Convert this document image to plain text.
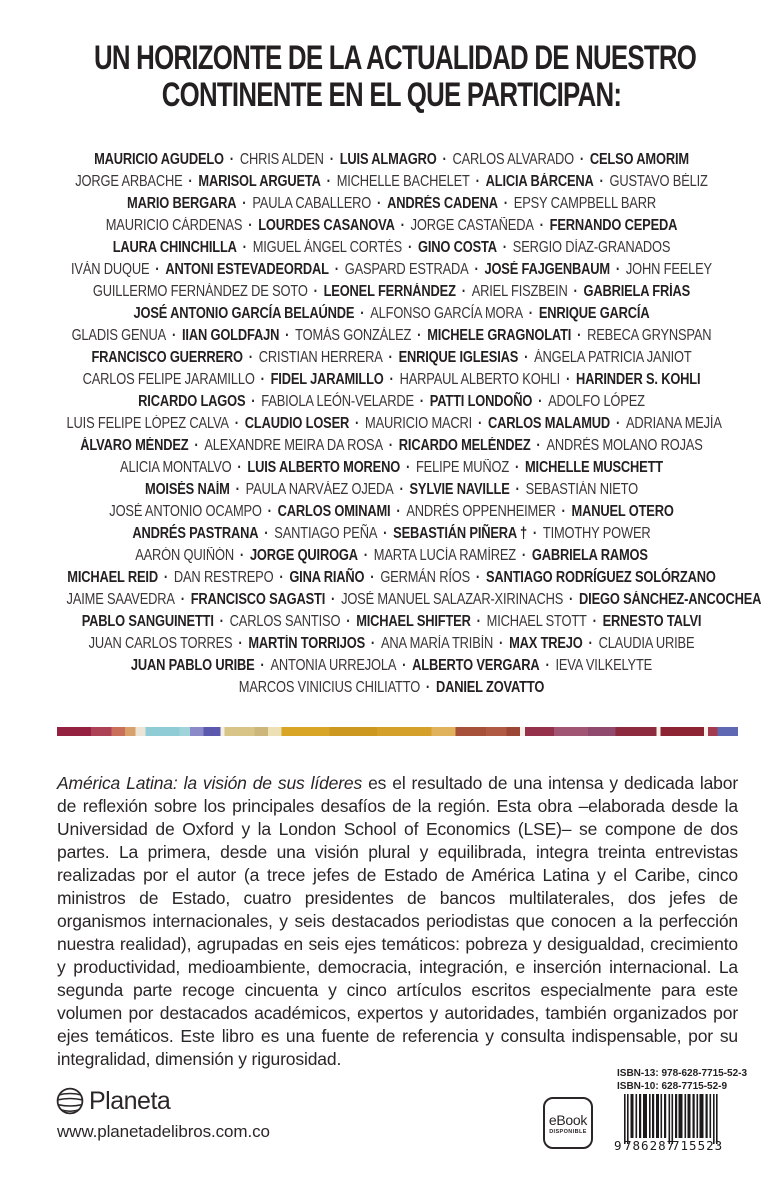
UN HORIZONTE DE LA ACTUALIDAD DE NUESTRO
CONTINENTE EN EL QUE PARTICIPAN:
MAURICIO AGUDELO · CHRIS ALDEN · LUIS ALMAGRO · CARLOS ALVARADO · CELSO AMORIM
JORGE ARBACHE · MARISOL ARGUETA · MICHELLE BACHELET · ALICIA BÁRCENA · GUSTAVO BÉLIZ
MARIO BERGARA · PAULA CABALLERO · ANDRÉS CADENA · EPSY CAMPBELL BARR
MAURICIO CÁRDENAS · LOURDES CASANOVA · JORGE CASTAÑEDA · FERNANDO CEPEDA
LAURA CHINCHILLA · MIGUEL ÁNGEL CORTÉS · GINO COSTA · SERGIO DÍAZ-GRANADOS
IVÁN DUQUE · ANTONI ESTEVADEORDAL · GASPARD ESTRADA · JOSÉ FAJGENBAUM · JOHN FEELEY
GUILLERMO FERNÁNDEZ DE SOTO · LEONEL FERNÁNDEZ · ARIEL FISZBEIN · GABRIELA FRÍAS
JOSÉ ANTONIO GARCÍA BELAÚNDE · ALFONSO GARCÍA MORA · ENRIQUE GARCÍA
GLADIS GENUA · IIAN GOLDFAJN · TOMÁS GONZÁLEZ · MICHELE GRAGNOLATI · REBECA GRYNSPAN
FRANCISCO GUERRERO · CRISTIAN HERRERA · ENRIQUE IGLESIAS · ÁNGELA PATRICIA JANIOT
CARLOS FELIPE JARAMILLO · FIDEL JARAMILLO · HARPAUL ALBERTO KOHLI · HARINDER S. KOHLI
RICARDO LAGOS · FABIOLA LEÓN-VELARDE · PATTI LONDOÑO · ADOLFO LÓPEZ
LUIS FELIPE LÓPEZ CALVA · CLAUDIO LOSER · MAURICIO MACRI · CARLOS MALAMUD · ADRIANA MEJÍA
ÁLVARO MÉNDEZ · ALEXANDRE MEIRA DA ROSA · RICARDO MELÉNDEZ · ANDRÉS MOLANO ROJAS
ALICIA MONTALVO · LUIS ALBERTO MORENO · FELIPE MUÑOZ · MICHELLE MUSCHETT
MOISÉS NAÍM · PAULA NARVÁEZ OJEDA · SYLVIE NAVILLE · SEBASTIÁN NIETO
JOSÉ ANTONIO OCAMPO · CARLOS OMINAMI · ANDRÉS OPPENHEIMER · MANUEL OTERO
ANDRÉS PASTRANA · SANTIAGO PEÑA · SEBASTIÁN PIÑERA † · TIMOTHY POWER
AARÓN QUIÑÓN · JORGE QUIROGA · MARTA LUCÍA RAMÍREZ · GABRIELA RAMOS
MICHAEL REID · DAN RESTREPO · GINA RIAÑO · GERMÁN RÍOS · SANTIAGO RODRÍGUEZ SOLÓRZANO
JAIME SAAVEDRA · FRANCISCO SAGASTI · JOSÉ MANUEL SALAZAR-XIRINACHS · DIEGO SÁNCHEZ-ANCOCHEA
PABLO SANGUINETTI · CARLOS SANTISO · MICHAEL SHIFTER · MICHAEL STOTT · ERNESTO TALVI
JUAN CARLOS TORRES · MARTÍN TORRIJOS · ANA MARÍA TRIBÍN · MAX TREJO · CLAUDIA URIBE
JUAN PABLO URIBE · ANTONIA URREJOLA · ALBERTO VERGARA · IEVA VILKELYTE
MARCOS VINICIUS CHILIATTO · DANIEL ZOVATTO

América Latina: la visión de sus líderes es el resultado de una intensa y dedicada labor de reflexión sobre los principales desafíos de la región. Esta obra –elaborada desde la Universidad de Oxford y la London School of Economics (LSE)– se compone de dos partes. La primera, desde una visión plural y equilibrada, integra treinta entrevistas realizadas por el autor (a trece jefes de Estado de América Latina y el Caribe, cinco ministros de Estado, cuatro presidentes de bancos multilaterales, dos jefes de organismos internacionales, y seis destacados periodistas que conocen a la perfección nuestra realidad), agrupadas en seis ejes temáticos: pobreza y desigualdad, crecimiento y productividad, medioambiente, democracia, integración, e inserción internacional. La segunda parte recoge cincuenta y cinco artículos escritos especialmente para este volumen por destacados académicos, expertos y autoridades, también organizados por ejes temáticos. Este libro es una fuente de referencia y consulta indispensable, por su integralidad, dimensión y rigurosidad.

Planeta
www.planetadelibros.com.co
eBook
DISPONIBLE
ISBN-13: 978-628-7715-52-3
ISBN-10: 628-7715-52-9
9 786287
715523
